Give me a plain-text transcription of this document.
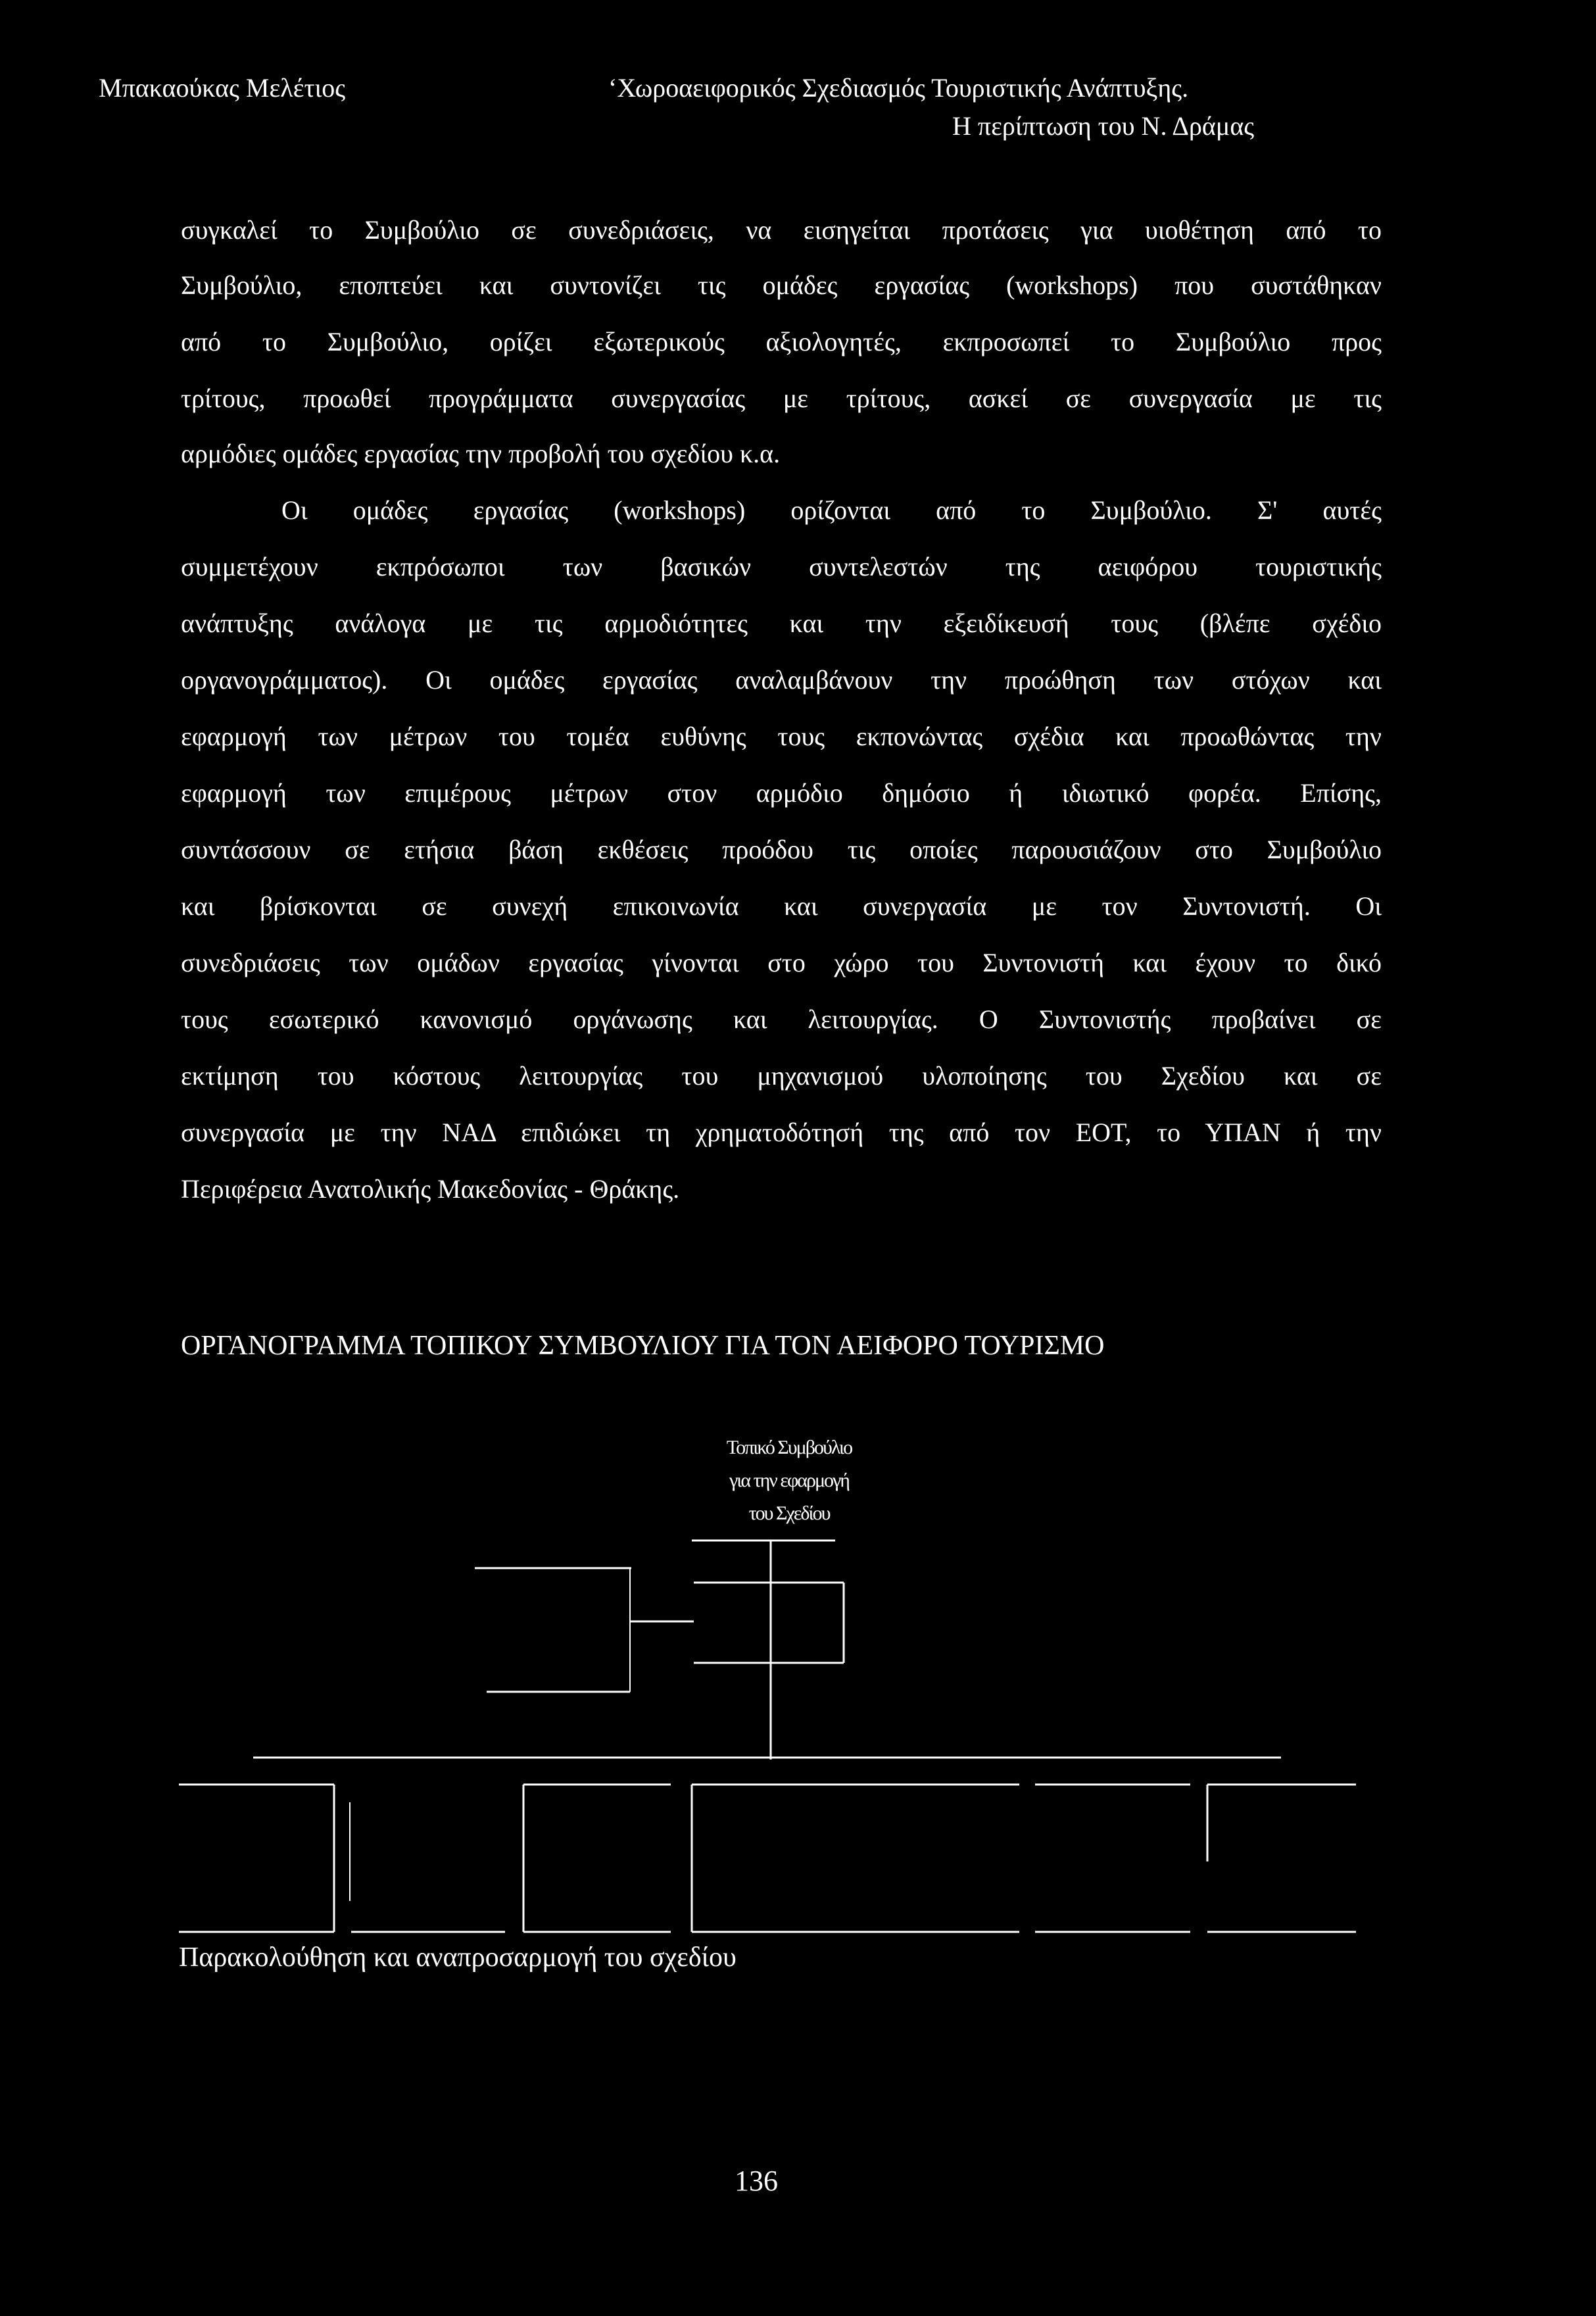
Μπακαούκας Μελέτιος	‘Χωροαειφορικός Σχεδιασμός Τουριστικής Ανάπτυξης.
Η περίπτωση του Ν. Δράμας
συγκαλεί το Συμβούλιο σε συνεδριάσεις, να εισηγείται προτάσεις για υιοθέτηση από το
Συμβούλιο, εποπτεύει και συντονίζει τις ομάδες εργασίας (workshops) που συστάθηκαν
από το Συμβούλιο, ορίζει εξωτερικούς αξιολογητές, εκπροσωπεί το Συμβούλιο προς
τρίτους, προωθεί προγράμματα συνεργασίας με τρίτους, ασκεί σε συνεργασία με τις
αρμόδιες ομάδες εργασίας την προβολή του σχεδίου κ.α.
Οι ομάδες εργασίας (workshops) ορίζονται από το Συμβούλιο. Σ' αυτές
συμμετέχουν εκπρόσωποι των βασικών συντελεστών της αειφόρου τουριστικής
ανάπτυξης ανάλογα με τις αρμοδιότητες και την εξειδίκευσή τους (βλέπε σχέδιο
οργανογράμματος). Οι ομάδες εργασίας αναλαμβάνουν την προώθηση των στόχων και
εφαρμογή των μέτρων του τομέα ευθύνης τους εκπονώντας σχέδια και προωθώντας την
εφαρμογή των επιμέρους μέτρων στον αρμόδιο δημόσιο ή ιδιωτικό φορέα. Επίσης,
συντάσσουν σε ετήσια βάση εκθέσεις προόδου τις οποίες παρουσιάζουν στο Συμβούλιο
και βρίσκονται σε συνεχή επικοινωνία και συνεργασία με τον Συντονιστή. Οι
συνεδριάσεις των ομάδων εργασίας γίνονται στο χώρο του Συντονιστή και έχουν το δικό
τους εσωτερικό κανονισμό οργάνωσης και λειτουργίας. Ο Συντονιστής προβαίνει σε
εκτίμηση του κόστους λειτουργίας του μηχανισμού υλοποίησης του Σχεδίου και σε
συνεργασία με την ΝΑΔ επιδιώκει τη χρηματοδότησή της από τον ΕΟΤ, το ΥΠΑΝ ή την
Περιφέρεια Ανατολικής Μακεδονίας - Θράκης.
ΟΡΓΑΝΟΓΡΑΜΜΑ ΤΟΠΙΚΟΥ ΣΥΜΒΟΥΛΙΟΥ ΓΙΑ ΤΟΝ ΑΕΙΦΟΡΟ ΤΟΥΡΙΣΜΟ
Τοπικό Συμβούλιο
για την εφαρμογή
του Σχεδίου
Παρακολούθηση και αναπροσαρμογή του σχεδίου
136
